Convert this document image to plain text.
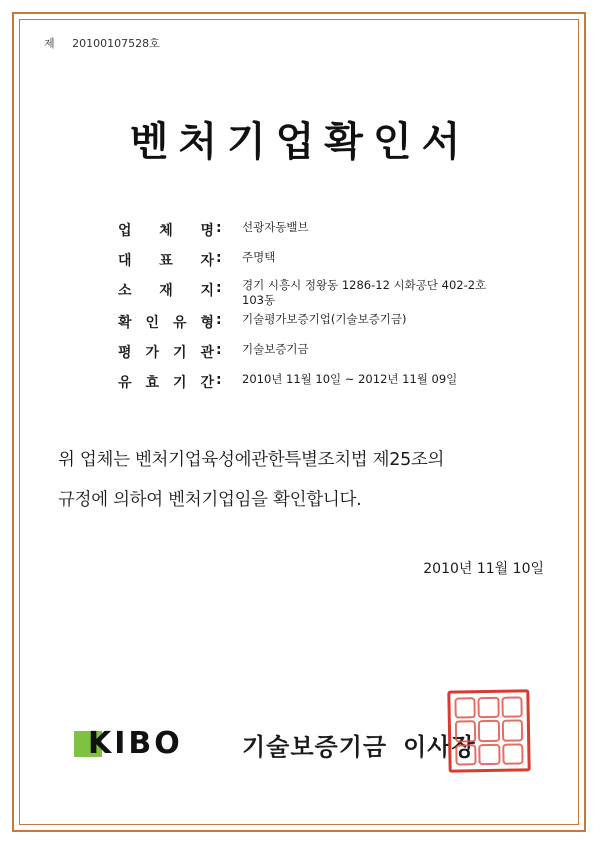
제 20100107528호
벤처기업확인서
업 체 명 : 선광자동밸브
대 표 자 : 주명택
소 재 지 : 경기 시흥시 정왕동 1286-12 시화공단 402-2호
103동
확 인 유 형 : 기술평가보증기업(기술보증기금)
평 가 기 관 : 기술보증기금
유 효 기 간 : 2010년 11월 10일 ~ 2012년 11월 09일
위 업체는 벤처기업육성에관한특별조치법 제25조의
규정에 의하여 벤처기업임을 확인합니다.
2010년 11월 10일
KIBO 기술보증기금 이사장
